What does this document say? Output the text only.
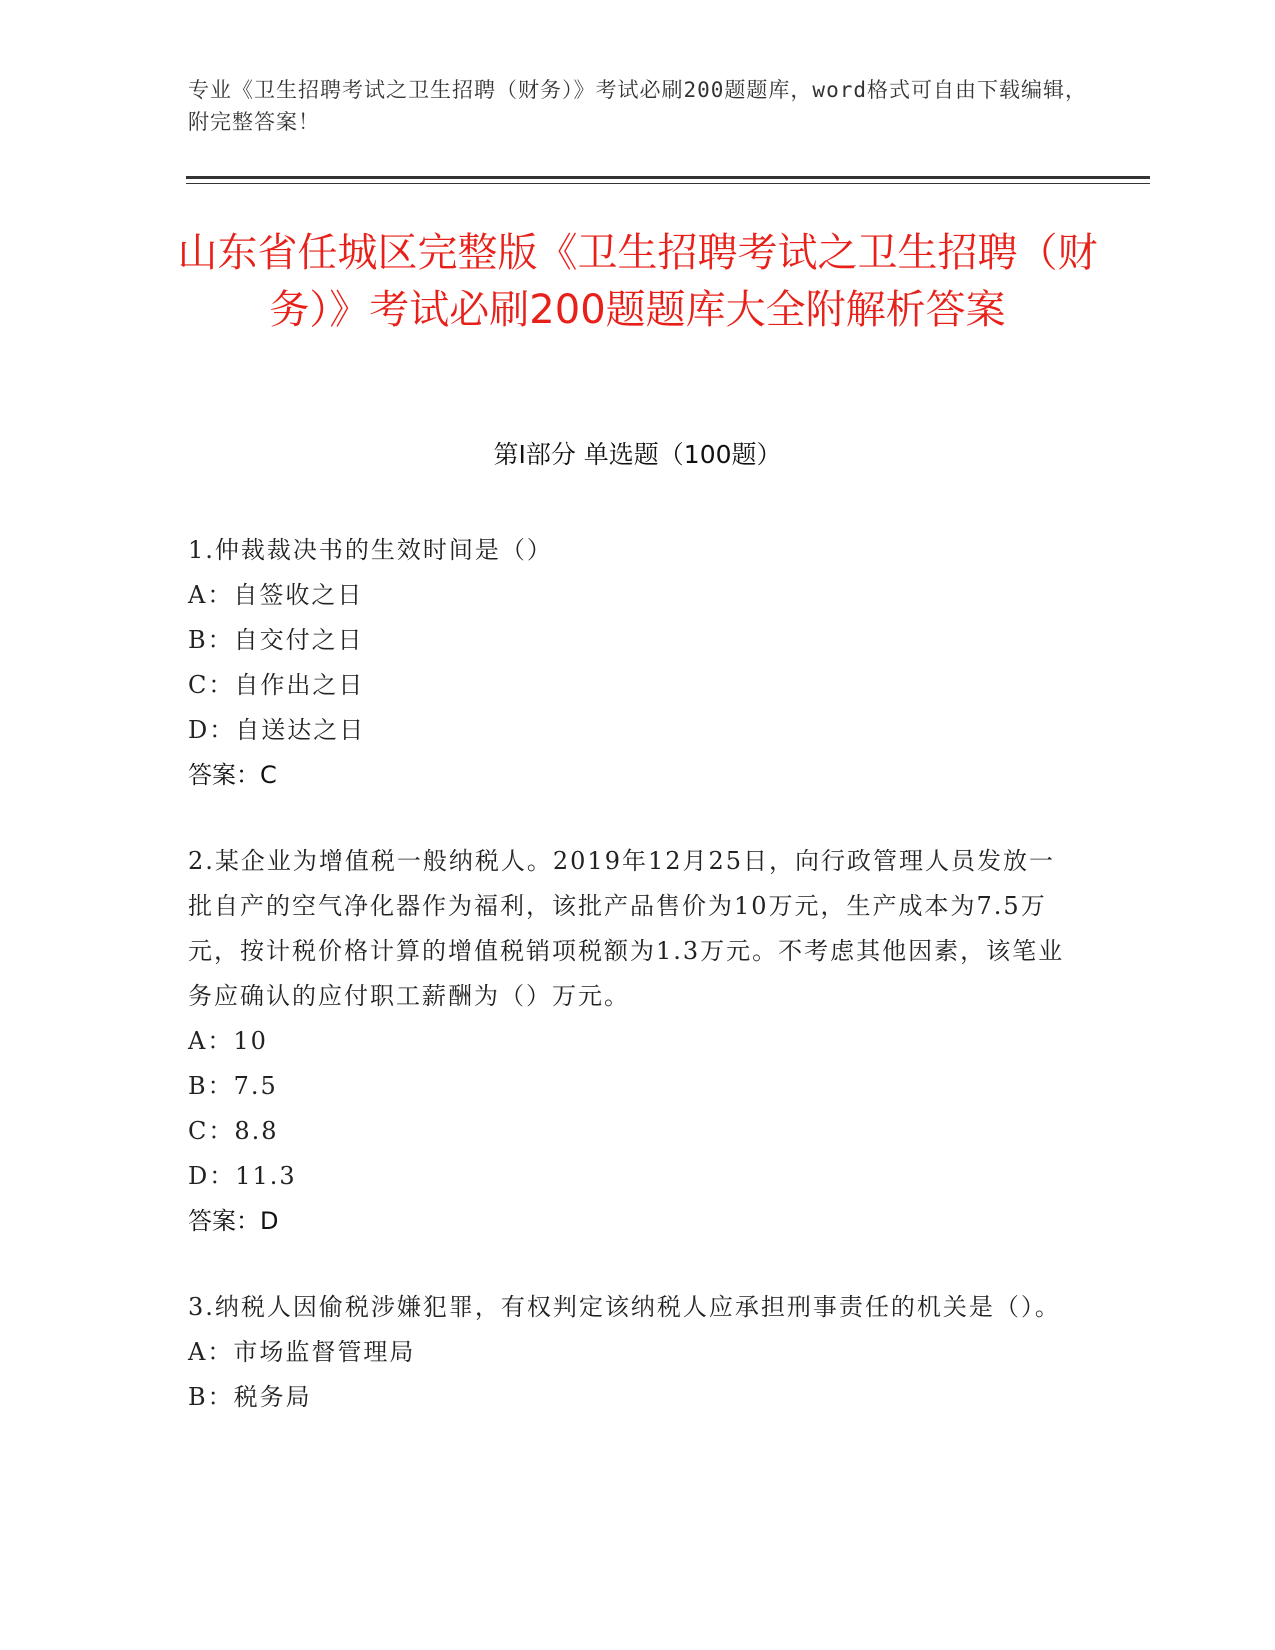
专业《卫生招聘考试之卫生招聘（财务）》考试必刷200题题库，word格式可自由下载编辑，附完整答案！
山东省任城区完整版《卫生招聘考试之卫生招聘（财务）》考试必刷200题题库大全附解析答案
第Ⅰ部分 单选题（100题）
1.仲裁裁决书的生效时间是（）
A：自签收之日
B：自交付之日
C：自作出之日
D：自送达之日
答案：C
2.某企业为增值税一般纳税人。2019年12月25日，向行政管理人员发放一批自产的空气净化器作为福利，该批产品售价为10万元，生产成本为7.5万元，按计税价格计算的增值税销项税额为1.3万元。不考虑其他因素，该笔业务应确认的应付职工薪酬为（）万元。
A：10
B：7.5
C：8.8
D：11.3
答案：D
3.纳税人因偷税涉嫌犯罪，有权判定该纳税人应承担刑事责任的机关是（）。
A：市场监督管理局
B：税务局
